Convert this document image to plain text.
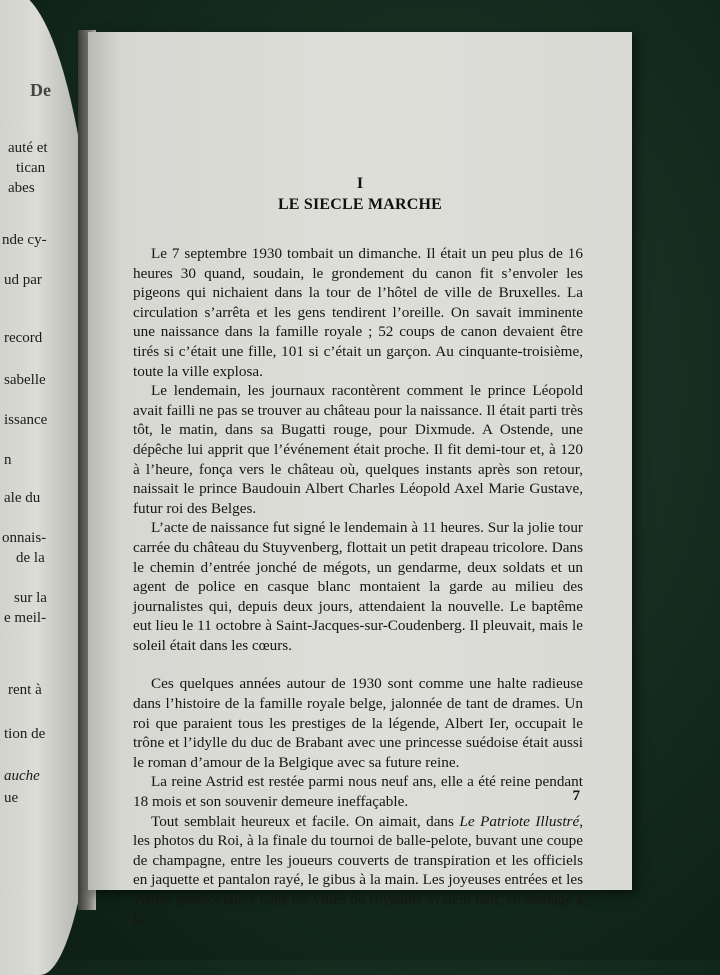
De
auté et
tican
abes
nde cy-
ud par
record
sabelle
issance
n
ale du
onnais-
de la
sur la
e meil-
rent à
tion de
auche
ue
I
LE SIECLE MARCHE

Le 7 septembre 1930 tombait un dimanche. Il était un peu plus de 16 heures 30 quand, soudain, le grondement du canon fit s’envoler les pigeons qui nichaient dans la tour de l’hôtel de ville de Bruxelles. La circulation s’arrêta et les gens tendirent l’oreille. On savait imminente une naissance dans la famille royale ; 52 coups de canon devaient être tirés si c’était une fille, 101 si c’était un garçon. Au cinquante-troisième, toute la ville explosa.

Le lendemain, les journaux racontèrent comment le prince Léopold avait failli ne pas se trouver au château pour la naissance. Il était parti très tôt, le matin, dans sa Bugatti rouge, pour Dixmude. A Ostende, une dépêche lui apprit que l’événement était proche. Il fit demi-tour et, à 120 à l’heure, fonça vers le château où, quelques instants après son retour, naissait le prince Baudouin Albert Charles Léopold Axel Marie Gustave, futur roi des Belges.

L’acte de naissance fut signé le lendemain à 11 heures. Sur la jolie tour carrée du château du Stuyvenberg, flottait un petit drapeau tricolore. Dans le chemin d’entrée jonché de mégots, un gendarme, deux soldats et un agent de police en casque blanc montaient la garde au milieu des journalistes qui, depuis deux jours, attendaient la nouvelle. Le baptême eut lieu le 11 octobre à Saint-Jacques-sur-Coudenberg. Il pleuvait, mais le soleil était dans les cœurs.

Ces quelques années autour de 1930 sont comme une halte radieuse dans l’histoire de la famille royale belge, jalonnée de tant de drames. Un roi que paraient tous les prestiges de la légende, Albert Ier, occupait le trône et l’idylle du duc de Brabant avec une princesse suédoise était aussi le roman d’amour de la Belgique avec sa future reine.

La reine Astrid est restée parmi nous neuf ans, elle a été reine pendant 18 mois et son souvenir demeure ineffaçable.

Tout semblait heureux et facile. On aimait, dans Le Patriote Illustré, les photos du Roi, à la finale du tournoi de balle-pelote, buvant une coupe de champagne, entre les joueurs couverts de transpiration et les officiels en jaquette et pantalon rayé, le gibus à la main. Les joyeuses entrées et les visites protocolaires dans les villes du royaume avaient lieu, en attelage à la

7
